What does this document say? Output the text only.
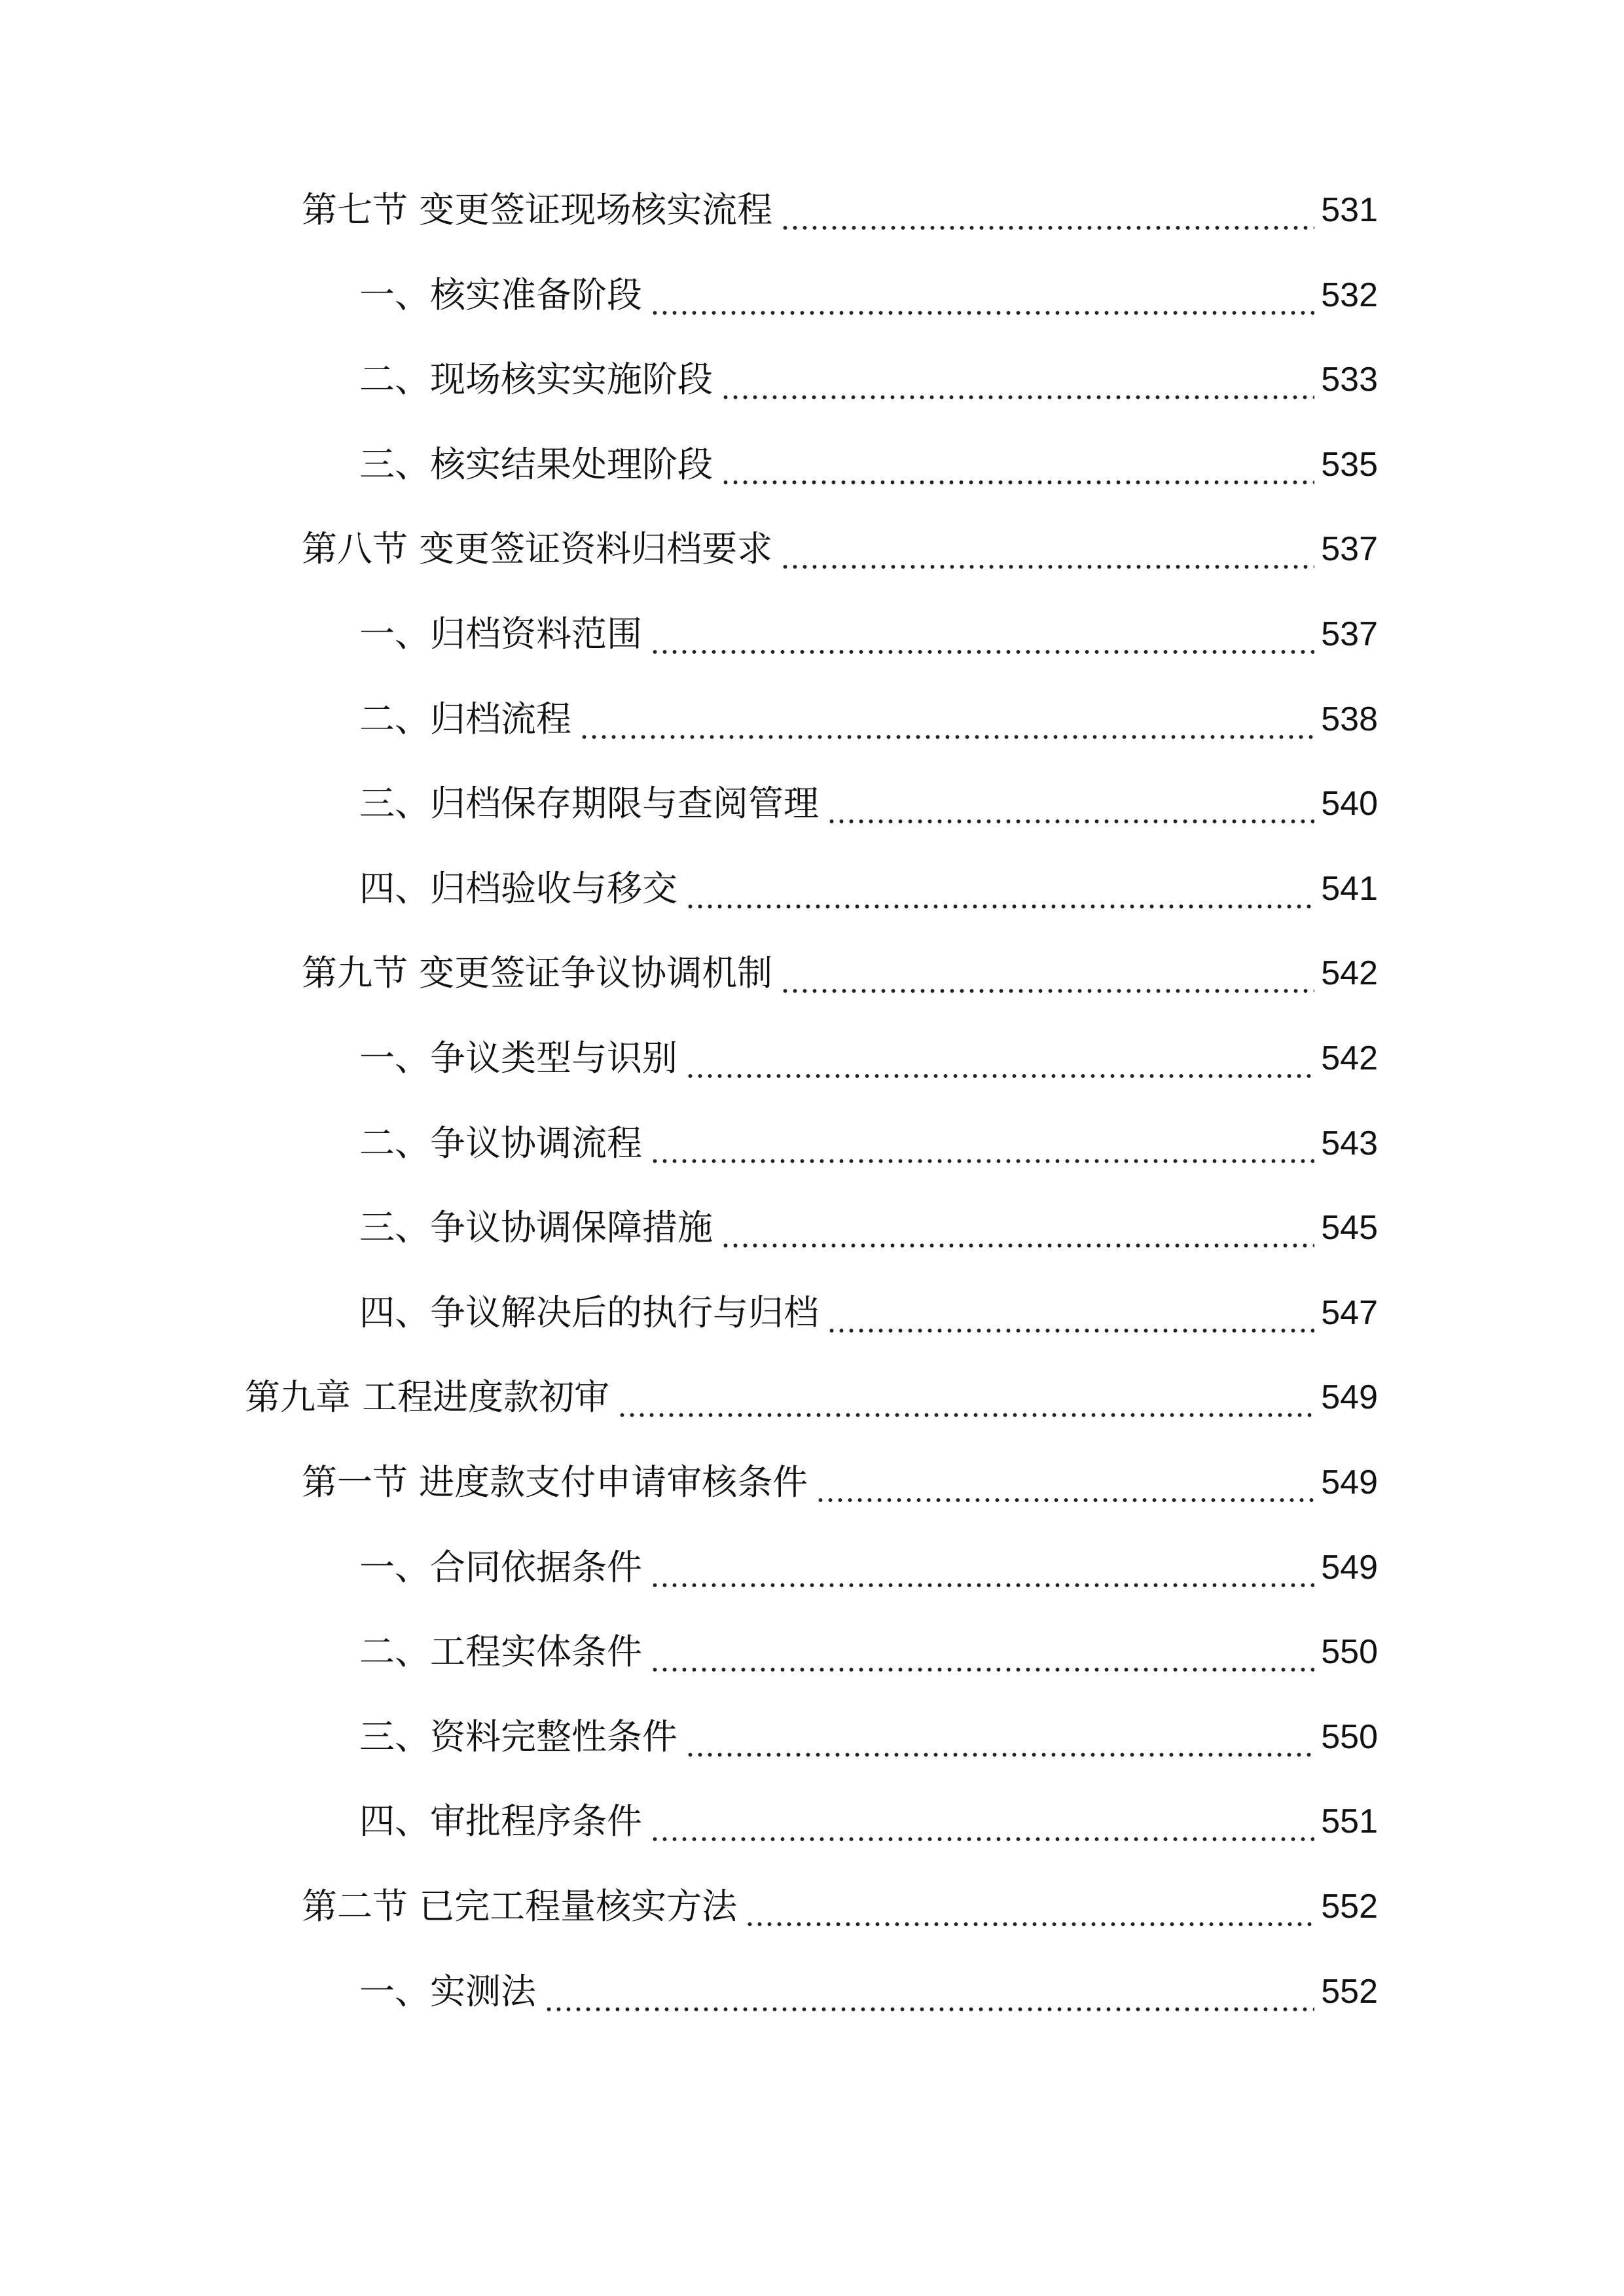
第七节 变更签证现场核实流程	531
一、核实准备阶段	532
二、现场核实实施阶段	533
三、核实结果处理阶段	535
第八节 变更签证资料归档要求	537
一、归档资料范围	537
二、归档流程	538
三、归档保存期限与查阅管理	540
四、归档验收与移交	541
第九节 变更签证争议协调机制	542
一、争议类型与识别	542
二、争议协调流程	543
三、争议协调保障措施	545
四、争议解决后的执行与归档	547
第九章 工程进度款初审	549
第一节 进度款支付申请审核条件	549
一、合同依据条件	549
二、工程实体条件	550
三、资料完整性条件	550
四、审批程序条件	551
第二节 已完工程量核实方法	552
一、实测法	552
